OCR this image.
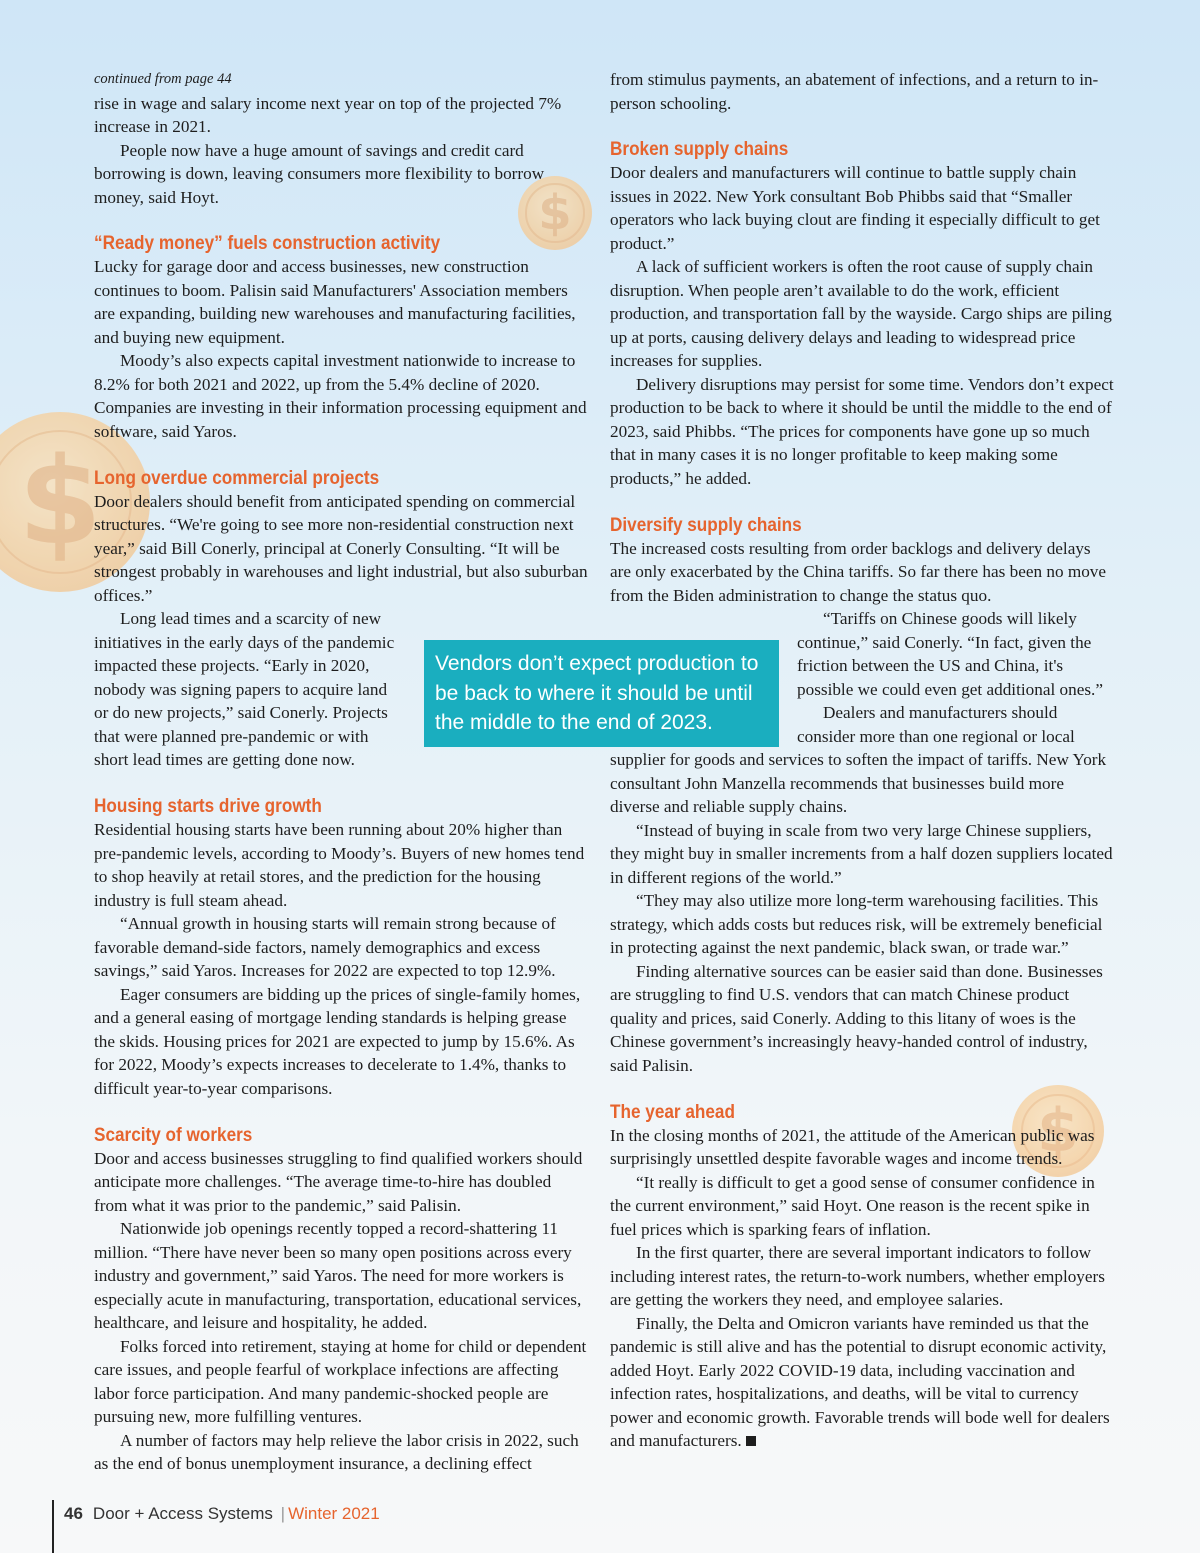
$
$
$

continued from page 44

rise in wage and salary income next year on top of the projected 7% increase in 2021.

People now have a huge amount of savings and credit card borrowing is down, leaving consumers more flexibility to borrow money, said Hoyt.

“Ready money” fuels construction activity

Lucky for garage door and access businesses, new construction continues to boom. Palisin said Manufacturers' Association members are expanding, building new warehouses and manufacturing facilities, and buying new equipment.

Moody’s also expects capital investment nationwide to increase to 8.2% for both 2021 and 2022, up from the 5.4% decline of 2020. Companies are investing in their information processing equipment and software, said Yaros.

Long overdue commercial projects

Door dealers should benefit from anticipated spending on commercial structures. “We're going to see more non-residential construction next year,” said Bill Conerly, principal at Conerly Consulting. “It will be strongest probably in warehouses and light industrial, but also suburban offices.”

Long lead times and a scarcity of new initiatives in the early days of the pandemic impacted these projects. “Early in 2020, nobody was signing papers to acquire land or do new projects,” said Conerly. Projects that were planned pre-pandemic or with short lead times are getting done now.

Housing starts drive growth

Residential housing starts have been running about 20% higher than pre-pandemic levels, according to Moody’s. Buyers of new homes tend to shop heavily at retail stores, and the prediction for the housing industry is full steam ahead.

“Annual growth in housing starts will remain strong because of favorable demand-side factors, namely demographics and excess savings,” said Yaros. Increases for 2022 are expected to top 12.9%.

Eager consumers are bidding up the prices of single-family homes, and a general easing of mortgage lending standards is helping grease the skids. Housing prices for 2021 are expected to jump by 15.6%. As for 2022, Moody’s expects increases to decelerate to 1.4%, thanks to difficult year-to-year comparisons.

Scarcity of workers

Door and access businesses struggling to find qualified workers should anticipate more challenges. “The average time-to-hire has doubled from what it was prior to the pandemic,” said Palisin.

Nationwide job openings recently topped a record-shattering 11 million. “There have never been so many open positions across every industry and government,” said Yaros. The need for more workers is especially acute in manufacturing, transportation, educational services, healthcare, and leisure and hospitality, he added.

Folks forced into retirement, staying at home for child or dependent care issues, and people fearful of workplace infections are affecting labor force participation. And many pandemic-shocked people are pursuing new, more fulfilling ventures.

A number of factors may help relieve the labor crisis in 2022, such as the end of bonus unemployment insurance, a declining effect

from stimulus payments, an abatement of infections, and a return to in-person schooling.

Broken supply chains

Door dealers and manufacturers will continue to battle supply chain issues in 2022. New York consultant Bob Phibbs said that “Smaller operators who lack buying clout are finding it especially difficult to get product.”

A lack of sufficient workers is often the root cause of supply chain disruption. When people aren’t available to do the work, efficient production, and transportation fall by the wayside. Cargo ships are piling up at ports, causing delivery delays and leading to widespread price increases for supplies.

Delivery disruptions may persist for some time. Vendors don’t expect production to be back to where it should be until the middle to the end of 2023, said Phibbs. “The prices for components have gone up so much that in many cases it is no longer profitable to keep making some products,” he added.

Diversify supply chains

The increased costs resulting from order backlogs and delivery delays are only exacerbated by the China tariffs. So far there has been no move from the Biden administration to change the status quo.

“Tariffs on Chinese goods will likely continue,” said Conerly. “In fact, given the friction between the US and China, it's possible we could even get additional ones.”

Dealers and manufacturers should consider more than one regional or local supplier for goods and services to soften the impact of tariffs. New York consultant John Manzella recommends that businesses build more diverse and reliable supply chains.

“Instead of buying in scale from two very large Chinese suppliers, they might buy in smaller increments from a half dozen suppliers located in different regions of the world.”

“They may also utilize more long-term warehousing facilities. This strategy, which adds costs but reduces risk, will be extremely beneficial in protecting against the next pandemic, black swan, or trade war.”

Finding alternative sources can be easier said than done. Businesses are struggling to find U.S. vendors that can match Chinese product quality and prices, said Conerly. Adding to this litany of woes is the Chinese government’s increasingly heavy-handed control of industry, said Palisin.

The year ahead

In the closing months of 2021, the attitude of the American public was surprisingly unsettled despite favorable wages and income trends.

“It really is difficult to get a good sense of consumer confidence in the current environment,” said Hoyt. One reason is the recent spike in fuel prices which is sparking fears of inflation.

In the first quarter, there are several important indicators to follow including interest rates, the return-to-work numbers, whether employers are getting the workers they need, and employee salaries.

Finally, the Delta and Omicron variants have reminded us that the pandemic is still alive and has the potential to disrupt economic activity, added Hoyt. Early 2022 COVID-19 data, including vaccination and infection rates, hospitalizations, and deaths, will be vital to currency power and economic growth. Favorable trends will bode well for dealers and manufacturers.

Vendors don’t expect production to be back to where it should be until the middle to the end of 2023.
46 Door + Access Systems | Winter 2021
